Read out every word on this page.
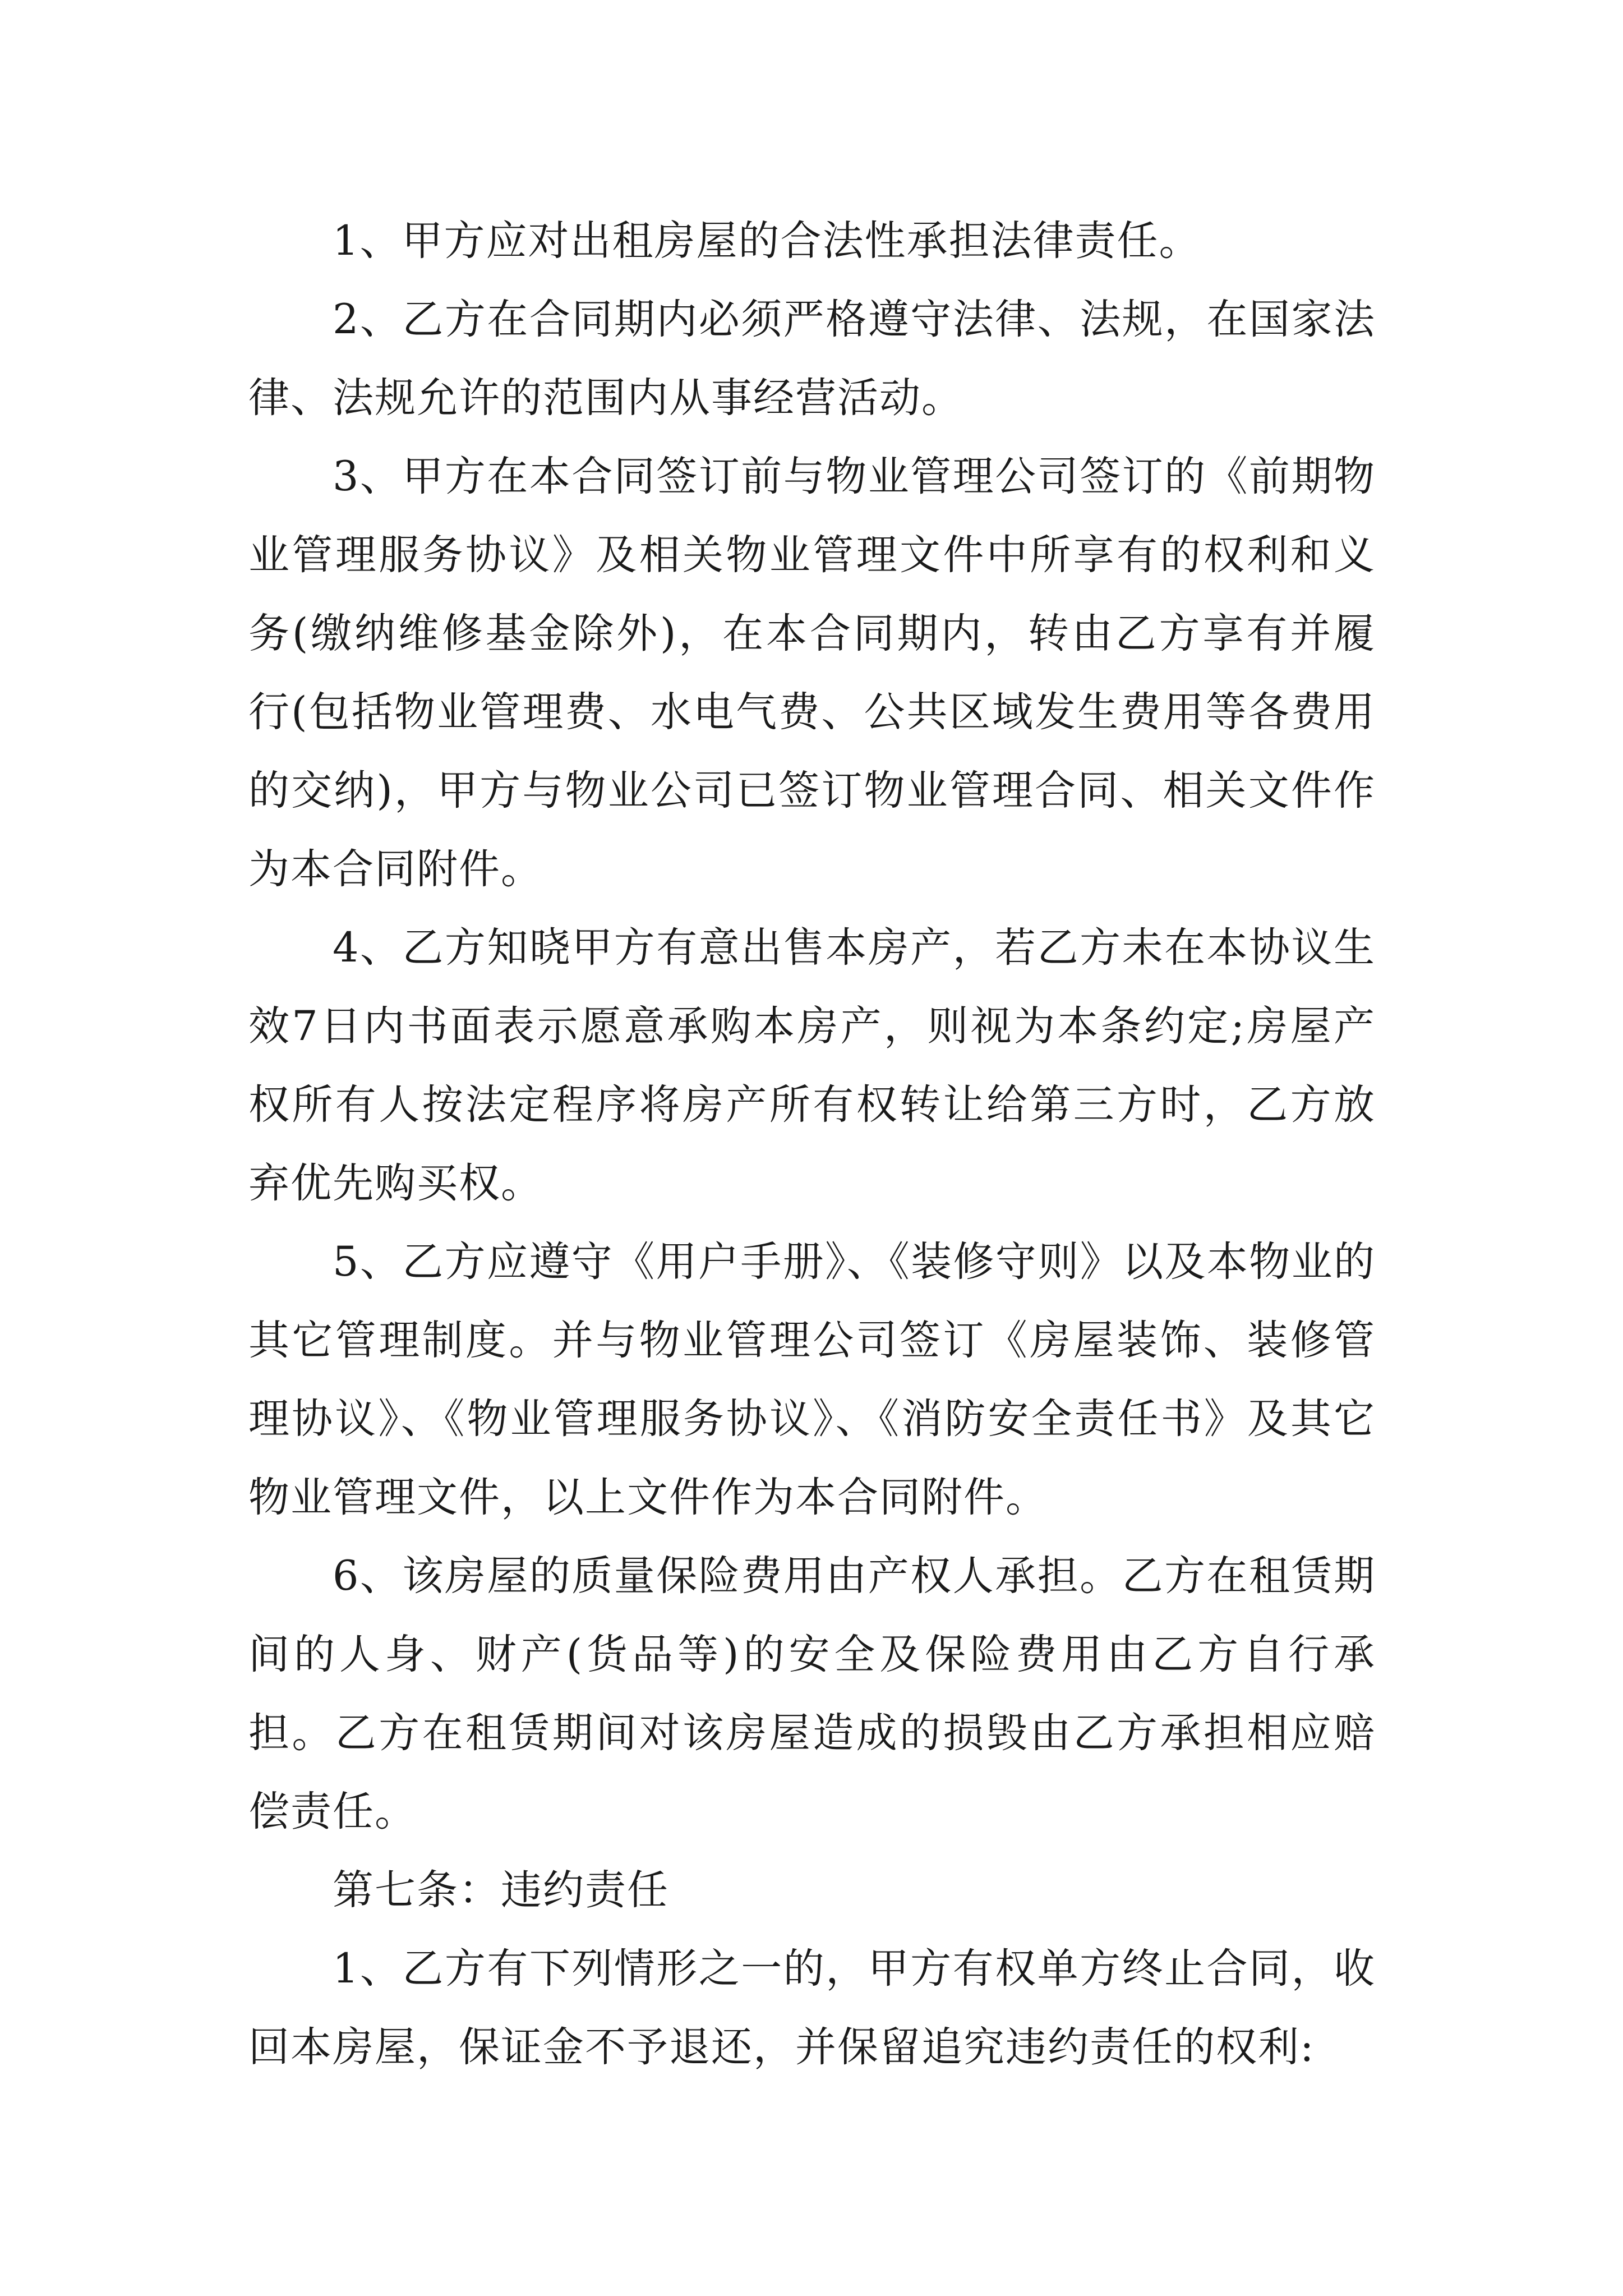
1、甲方应对出租房屋的合法性承担法律责任。

2、乙方在合同期内必须严格遵守法律、法规，在国家法律、法规允许的范围内从事经营活动。

3、甲方在本合同签订前与物业管理公司签订的《前期物业管理服务协议》及相关物业管理文件中所享有的权利和义务(缴纳维修基金除外)，在本合同期内，转由乙方享有并履行(包括物业管理费、水电气费、公共区域发生费用等各费用的交纳)，甲方与物业公司已签订物业管理合同、相关文件作为本合同附件。

4、乙方知晓甲方有意出售本房产，若乙方未在本协议生效7日内书面表示愿意承购本房产，则视为本条约定;房屋产权所有人按法定程序将房产所有权转让给第三方时，乙方放弃优先购买权。

5、乙方应遵守《用户手册》、《装修守则》以及本物业的其它管理制度。并与物业管理公司签订《房屋装饰、装修管理协议》、《物业管理服务协议》、《消防安全责任书》及其它物业管理文件，以上文件作为本合同附件。

6、该房屋的质量保险费用由产权人承担。乙方在租赁期间的人身、财产(货品等)的安全及保险费用由乙方自行承担。乙方在租赁期间对该房屋造成的损毁由乙方承担相应赔偿责任。

第七条：违约责任

1、乙方有下列情形之一的，甲方有权单方终止合同，收回本房屋，保证金不予退还，并保留追究违约责任的权利:
